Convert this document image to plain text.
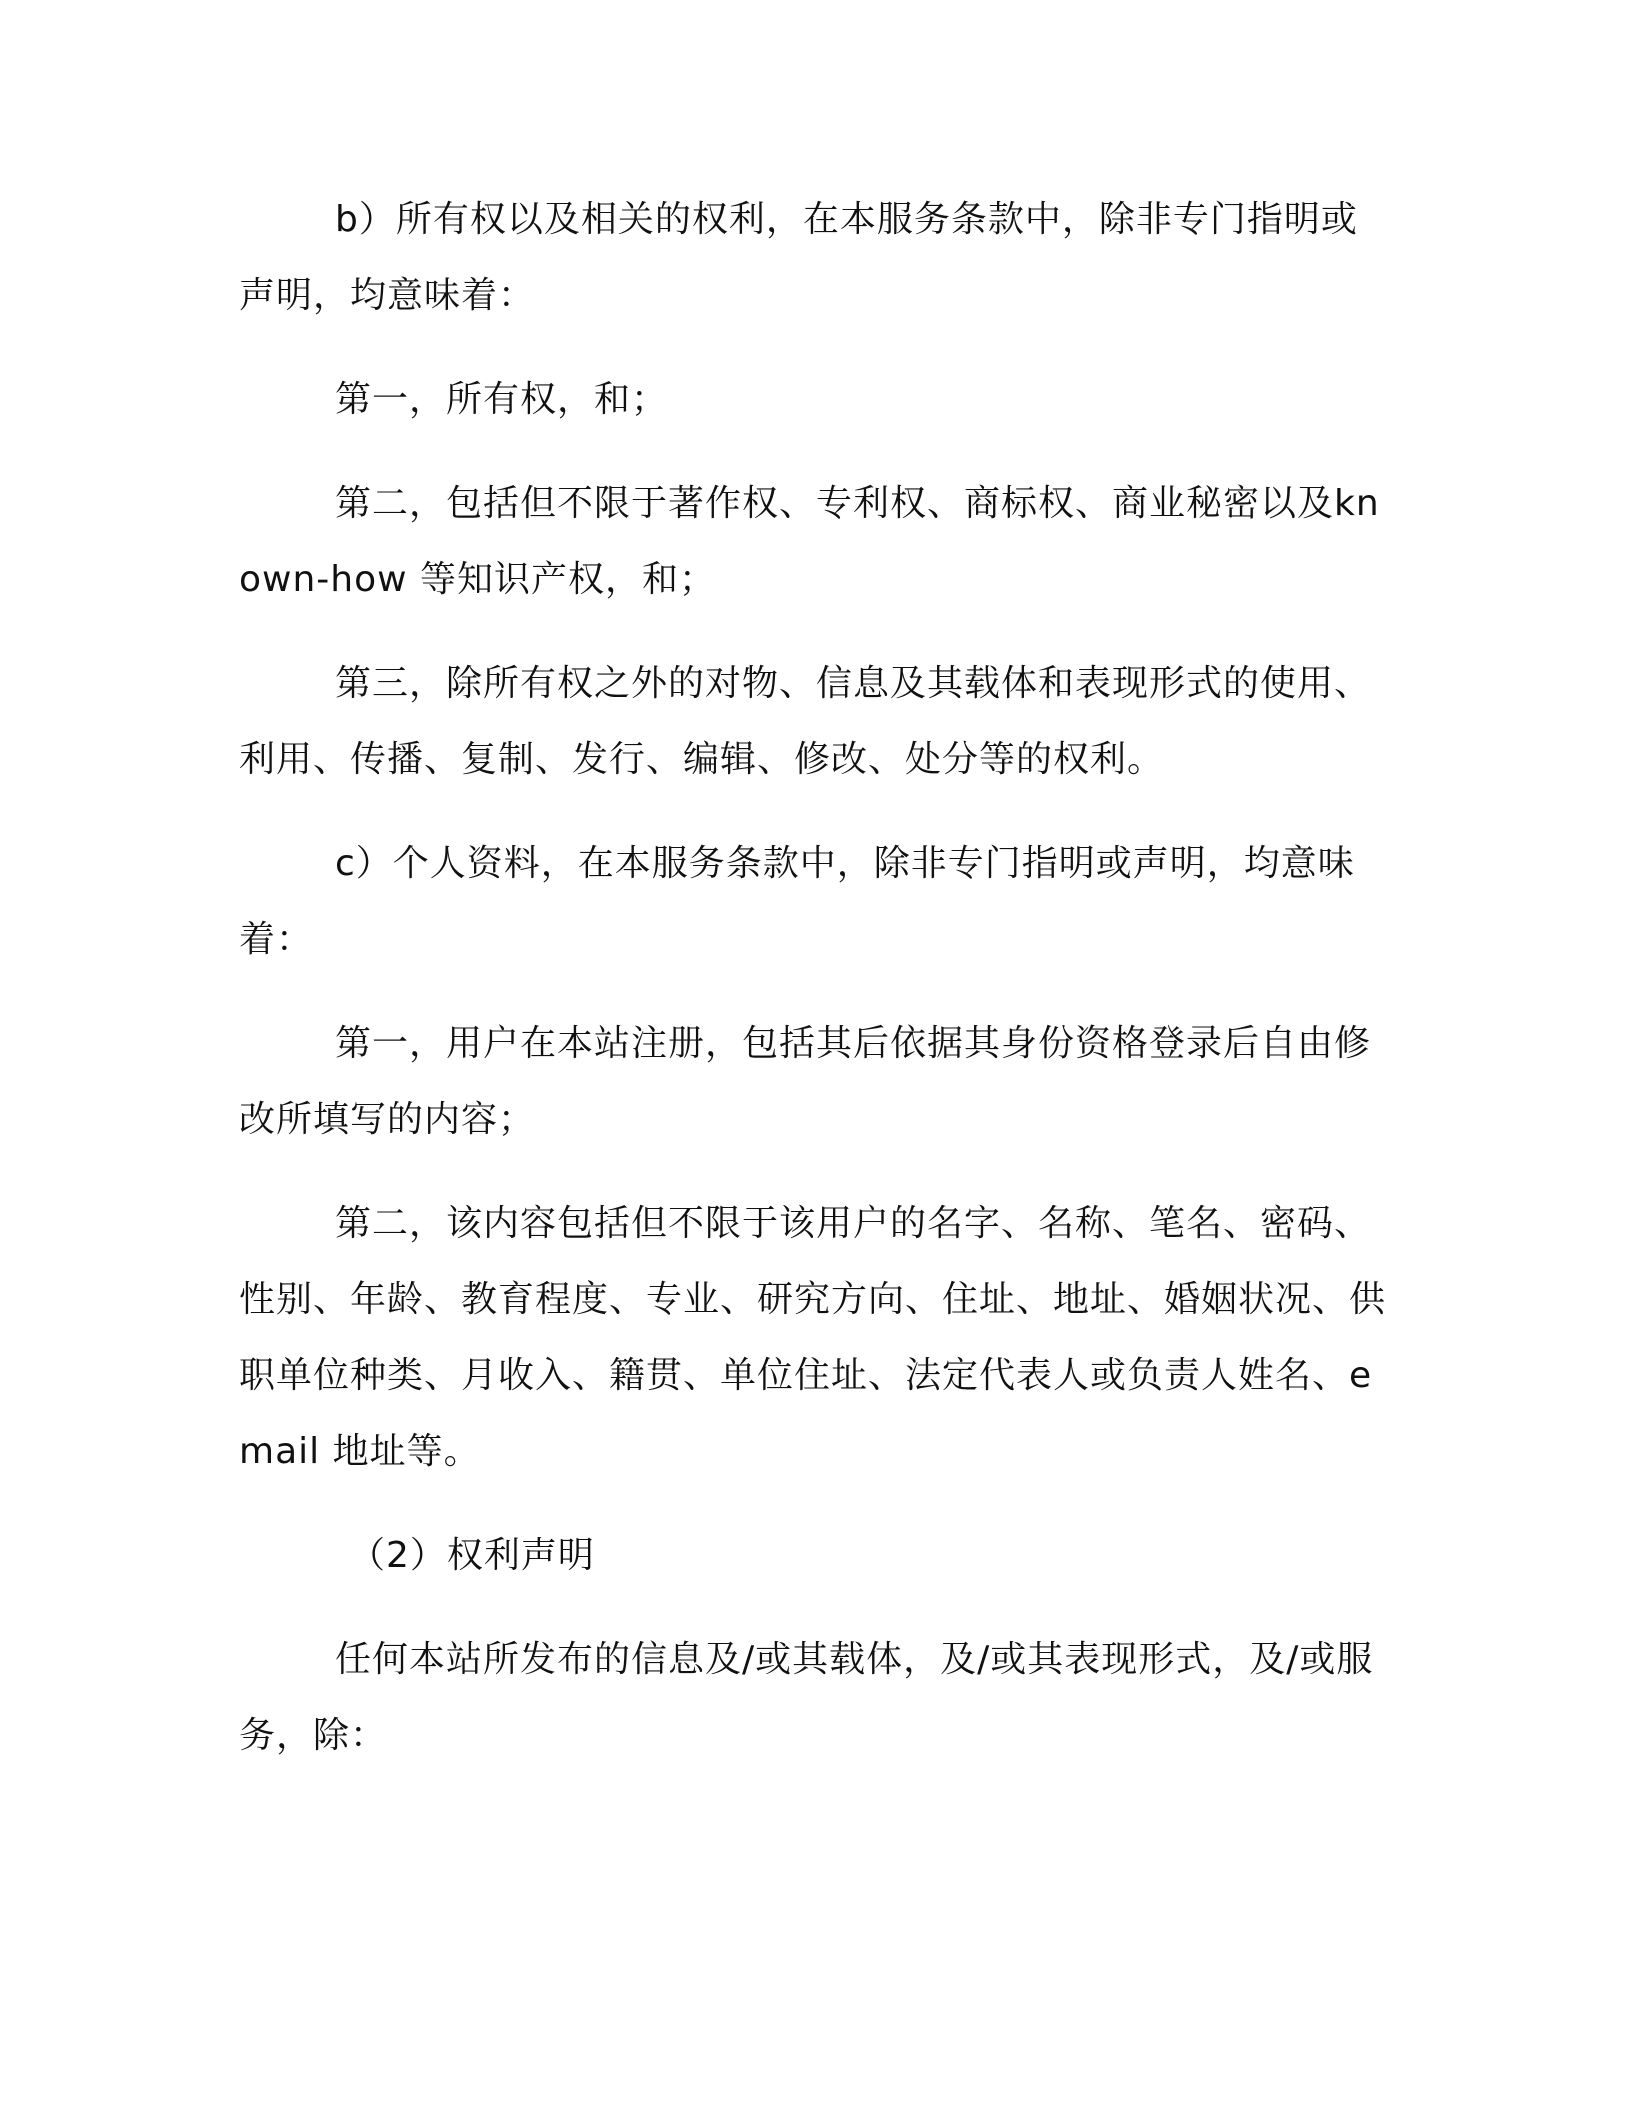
b）所有权以及相关的权利，在本服务条款中，除非专门指明或声明，均意味着：

第一，所有权，和；

第二，包括但不限于著作权、专利权、商标权、商业秘密以及known-how 等知识产权，和；

第三，除所有权之外的对物、信息及其载体和表现形式的使用、利用、传播、复制、发行、编辑、修改、处分等的权利。

c）个人资料，在本服务条款中，除非专门指明或声明，均意味着：

第一，用户在本站注册，包括其后依据其身份资格登录后自由修改所填写的内容；

第二，该内容包括但不限于该用户的名字、名称、笔名、密码、性别、年龄、教育程度、专业、研究方向、住址、地址、婚姻状况、供职单位种类、月收入、籍贯、单位住址、法定代表人或负责人姓名、email 地址等。

（2）权利声明

任何本站所发布的信息及/或其载体，及/或其表现形式，及/或服务，除：
